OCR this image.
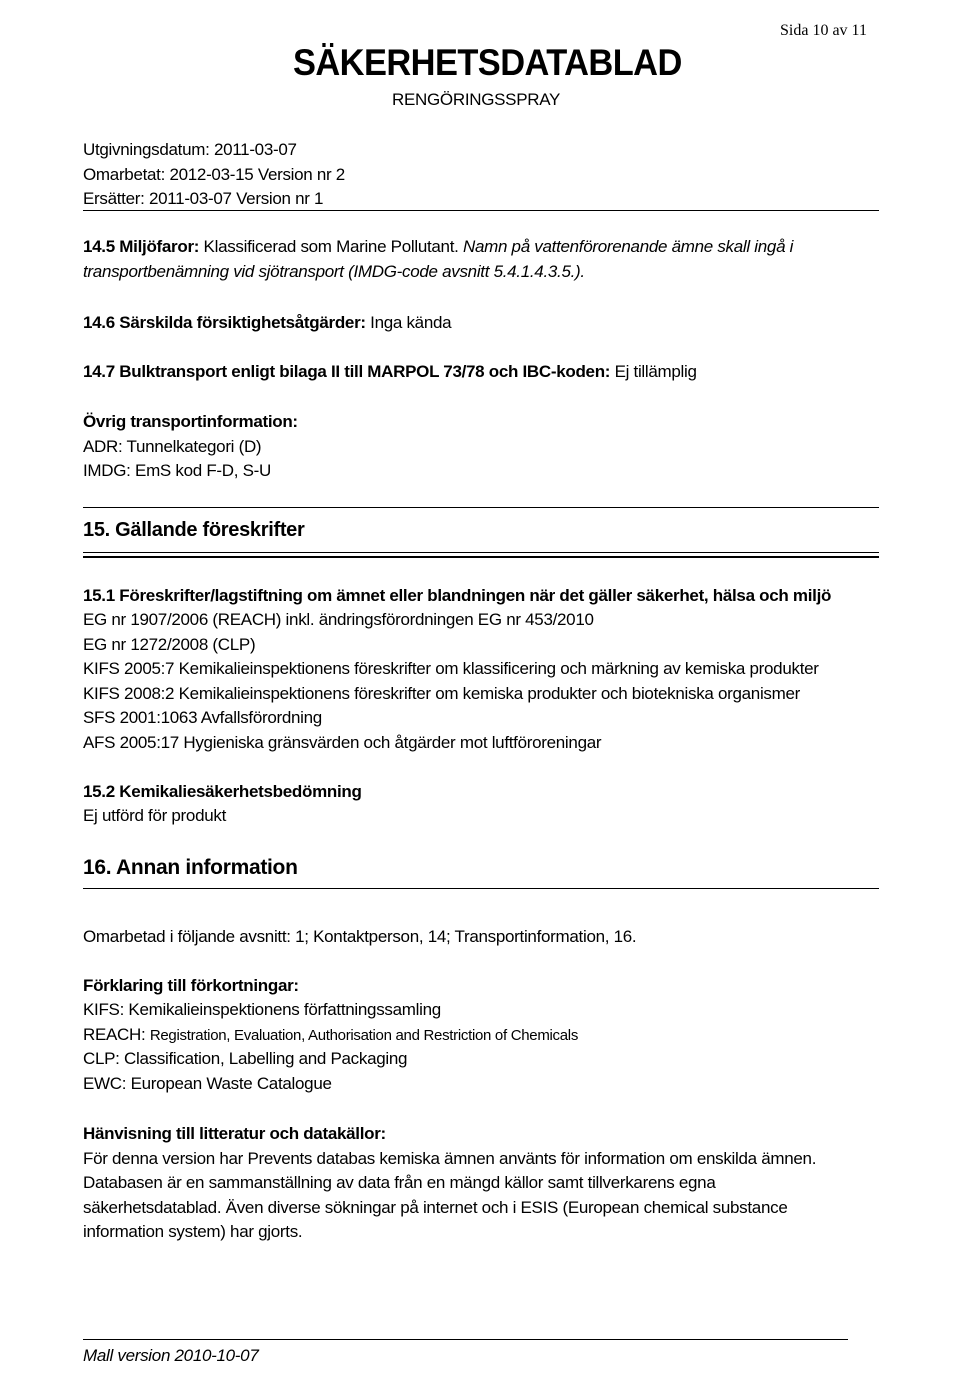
Sida 10 av 11
SÄKERHETSDATABLAD
RENGÖRINGSSPRAY
Utgivningsdatum: 2011-03-07
Omarbetat: 2012-03-15 Version nr 2
Ersätter: 2011-03-07 Version nr 1
14.5 Miljöfaror: Klassificerad som Marine Pollutant. Namn på vattenförorenande ämne skall ingå i
transportbenämning vid sjötransport (IMDG-code avsnitt 5.4.1.4.3.5.).
14.6 Särskilda försiktighetsåtgärder: Inga kända
14.7 Bulktransport enligt bilaga II till MARPOL 73/78 och IBC-koden: Ej tillämplig
Övrig transportinformation:
ADR: Tunnelkategori (D)
IMDG: EmS kod F-D, S-U
15. Gällande föreskrifter
15.1 Föreskrifter/lagstiftning om ämnet eller blandningen när det gäller säkerhet, hälsa och miljö
EG nr 1907/2006 (REACH) inkl. ändringsförordningen EG nr 453/2010
EG nr 1272/2008 (CLP)
KIFS 2005:7 Kemikalieinspektionens föreskrifter om klassificering och märkning av kemiska produkter
KIFS 2008:2 Kemikalieinspektionens föreskrifter om kemiska produkter och biotekniska organismer
SFS 2001:1063 Avfallsförordning
AFS 2005:17 Hygieniska gränsvärden och åtgärder mot luftföroreningar
15.2 Kemikaliesäkerhetsbedömning
Ej utförd för produkt
16. Annan information
Omarbetad i följande avsnitt: 1; Kontaktperson, 14; Transportinformation, 16.
Förklaring till förkortningar:
KIFS: Kemikalieinspektionens författningssamling
REACH: Registration, Evaluation, Authorisation and Restriction of Chemicals
CLP: Classification, Labelling and Packaging
EWC: European Waste Catalogue
Hänvisning till litteratur och datakällor:
För denna version har Prevents databas kemiska ämnen använts för information om enskilda ämnen.
Databasen är en sammanställning av data från en mängd källor samt tillverkarens egna
säkerhetsdatablad. Även diverse sökningar på internet och i ESIS (European chemical substance
information system) har gjorts.
Mall version 2010-10-07
